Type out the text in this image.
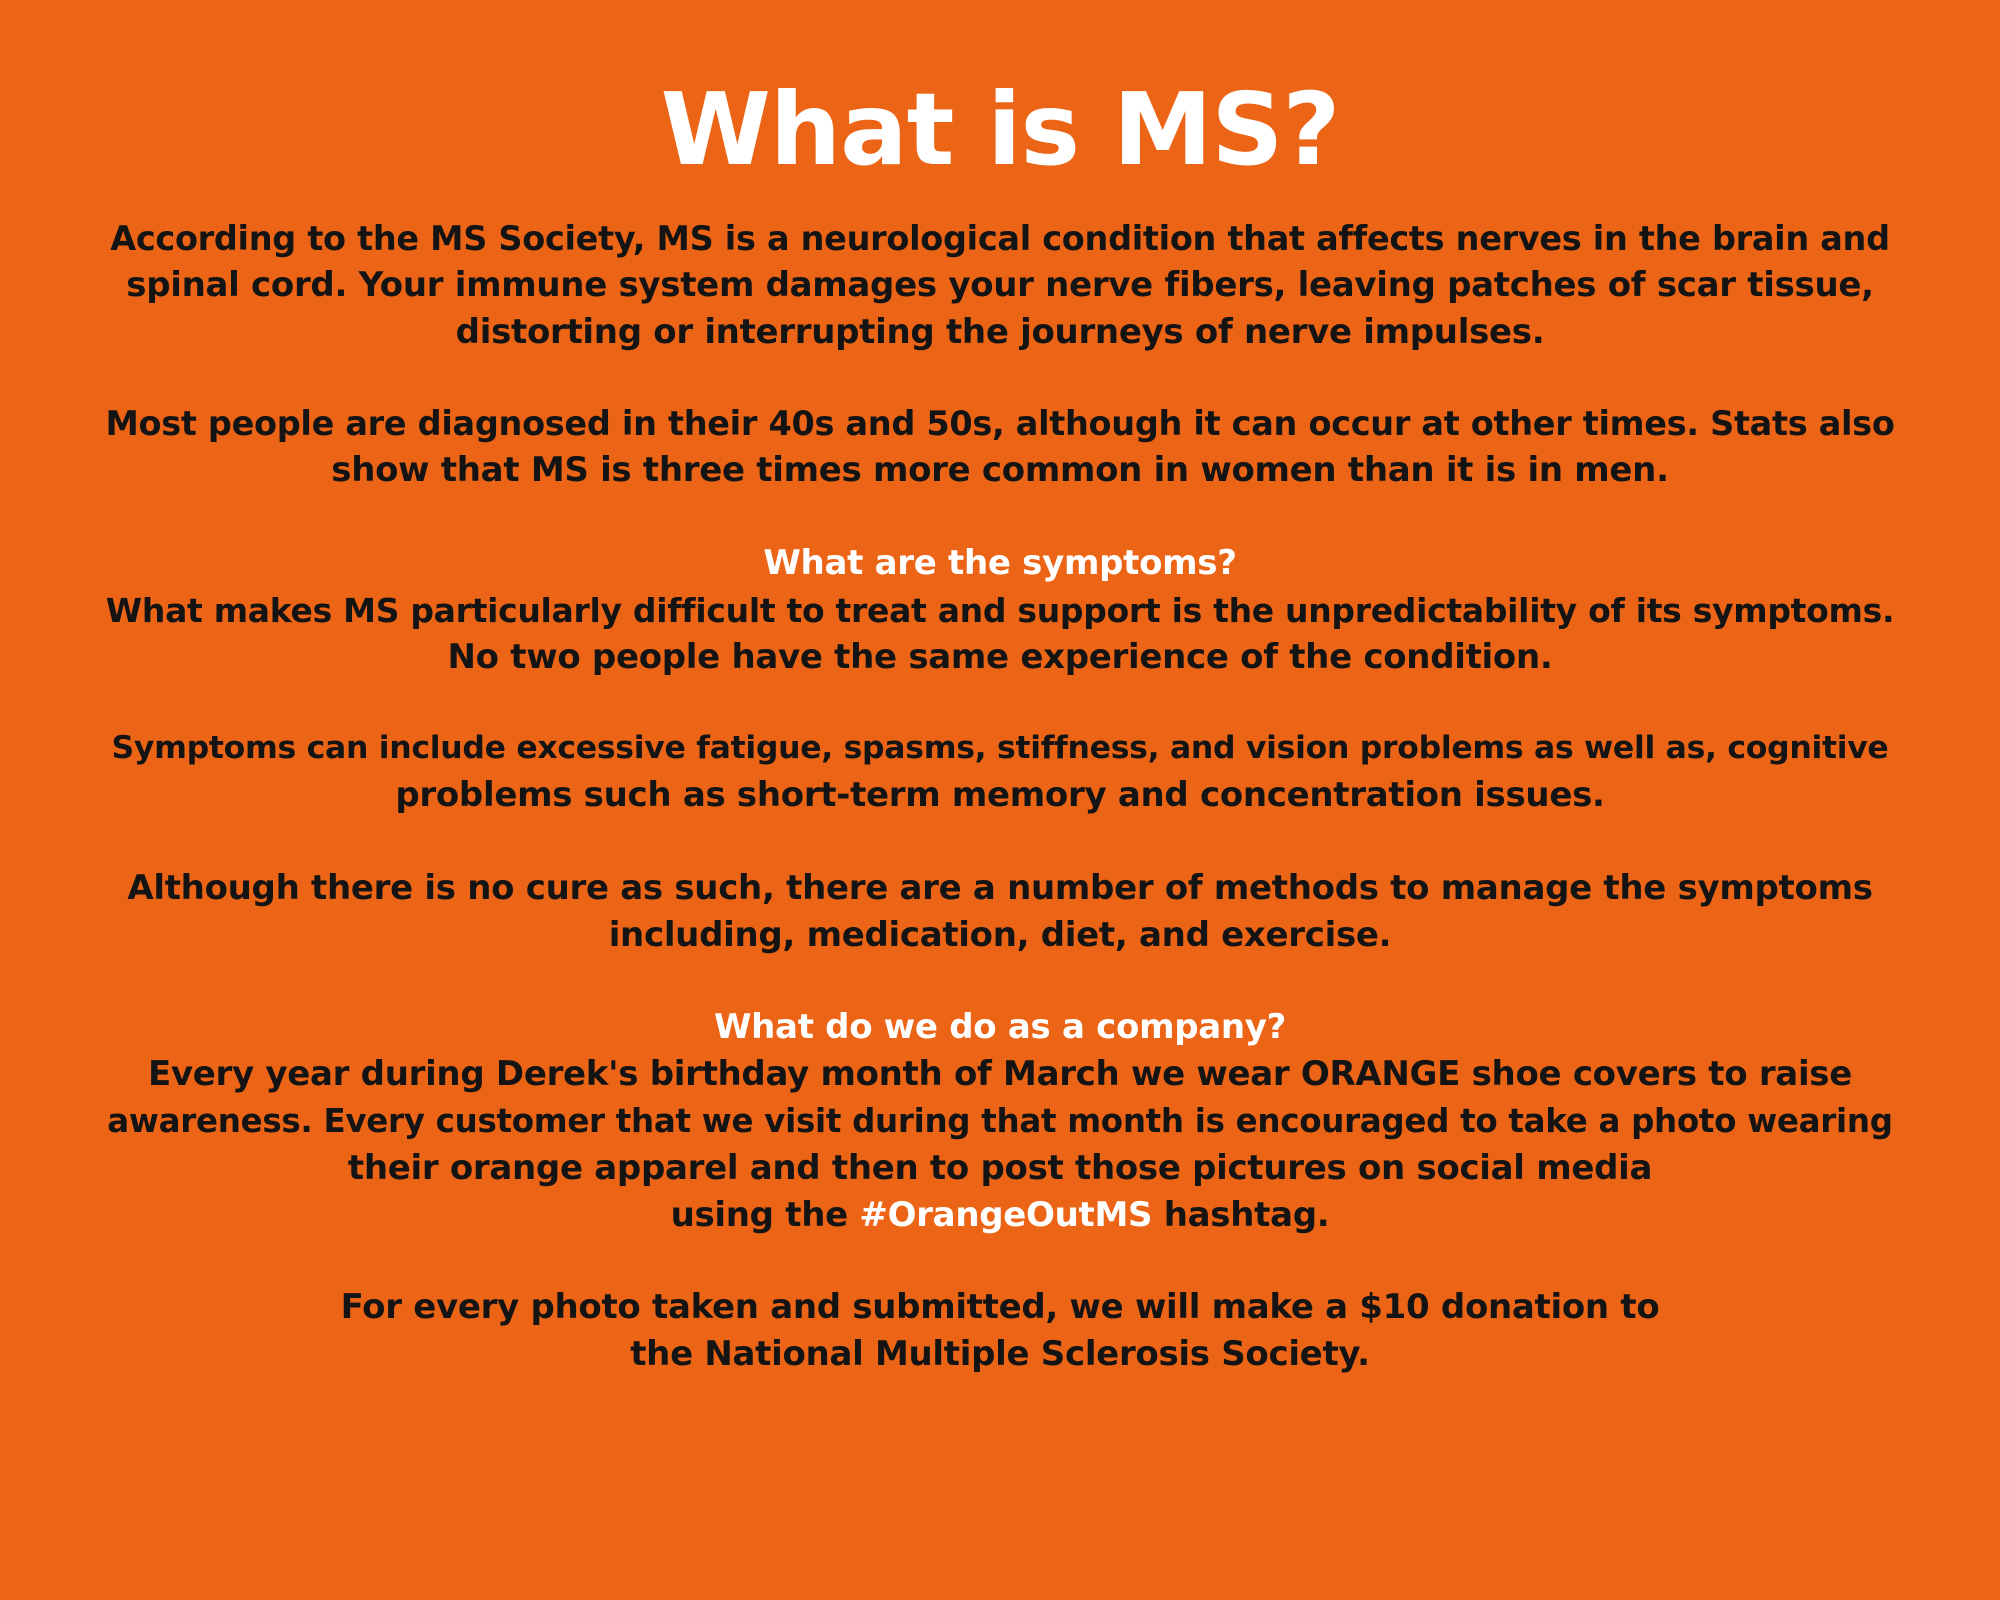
What is MS?

According to the MS Society, MS is a neurological condition that affects nerves in the brain and
spinal cord. Your immune system damages your nerve fibers, leaving patches of scar tissue,
distorting or interrupting the journeys of nerve impulses.

Most people are diagnosed in their 40s and 50s, although it can occur at other times. Stats also
show that MS is three times more common in women than it is in men.

What are the symptoms?
What makes MS particularly difficult to treat and support is the unpredictability of its symptoms.
No two people have the same experience of the condition.

Symptoms can include excessive fatigue, spasms, stiffness, and vision problems as well as, cognitive
problems such as short-term memory and concentration issues.

Although there is no cure as such, there are a number of methods to manage the symptoms
including, medication, diet, and exercise.

What do we do as a company?
Every year during Derek's birthday month of March we wear ORANGE shoe covers to raise
awareness. Every customer that we visit during that month is encouraged to take a photo wearing
their orange apparel and then to post those pictures on social media
using the #OrangeOutMS hashtag.

For every photo taken and submitted, we will make a $10 donation to
the National Multiple Sclerosis Society.
